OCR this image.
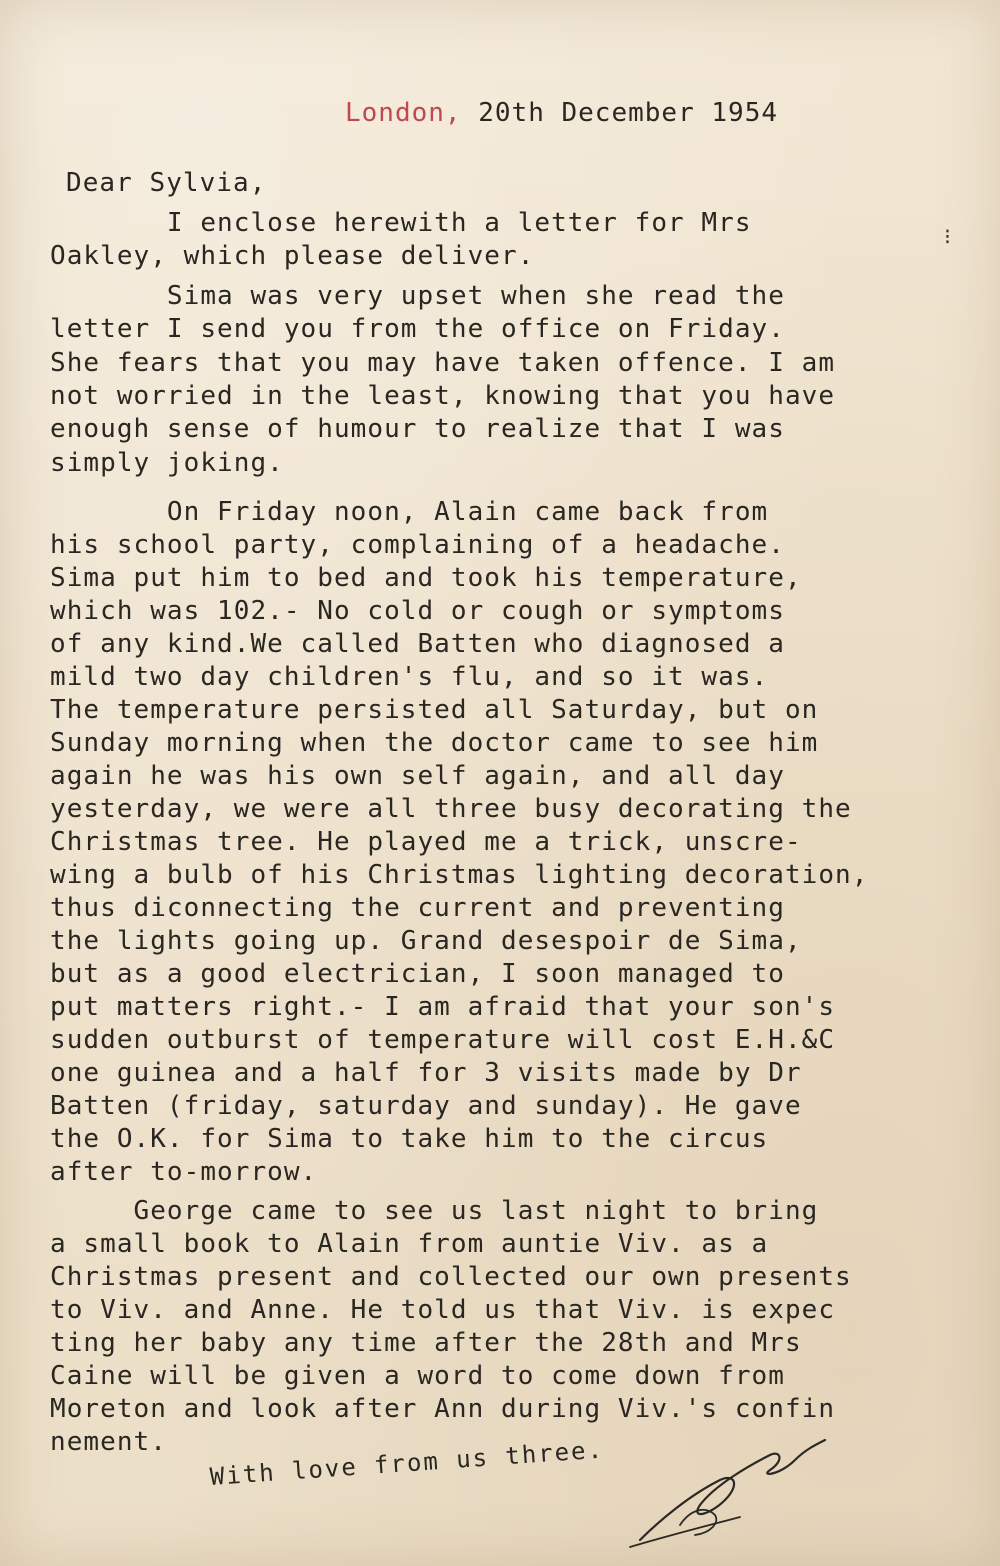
London, 20th December 1954
Dear Sylvia,
I enclose herewith a letter for Mrs
Oakley, which please deliver.
Sima was very upset when she read the
letter I send you from the office on Friday.
She fears that you may have taken offence. I am
not worried in the least, knowing that you have
enough sense of humour to realize that I was
simply joking.
On Friday noon, Alain came back from
his school party, complaining of a headache.
Sima put him to bed and took his temperature,
which was 102.- No cold or cough or symptoms
of any kind.We called Batten who diagnosed a
mild two day children's flu, and so it was.
The temperature persisted all Saturday, but on
Sunday morning when the doctor came to see him
again he was his own self again, and all day
yesterday, we were all three busy decorating the
Christmas tree. He played me a trick, unscre-
wing a bulb of his Christmas lighting decoration,
thus diconnecting the current and preventing
the lights going up. Grand desespoir de Sima,
but as a good electrician, I soon managed to
put matters right.- I am afraid that your son's
sudden outburst of temperature will cost E.H.&C
one guinea and a half for 3 visits made by Dr
Batten (friday, saturday and sunday). He gave
the O.K. for Sima to take him to the circus
after to-morrow.
George came to see us last night to bring
a small book to Alain from auntie Viv. as a
Christmas present and collected our own presents
to Viv. and Anne. He told us that Viv. is expec
ting her baby any time after the 28th and Mrs
Caine will be given a word to come down from
Moreton and look after Ann during Viv.'s confin
nement. With love from us three.
⁝
